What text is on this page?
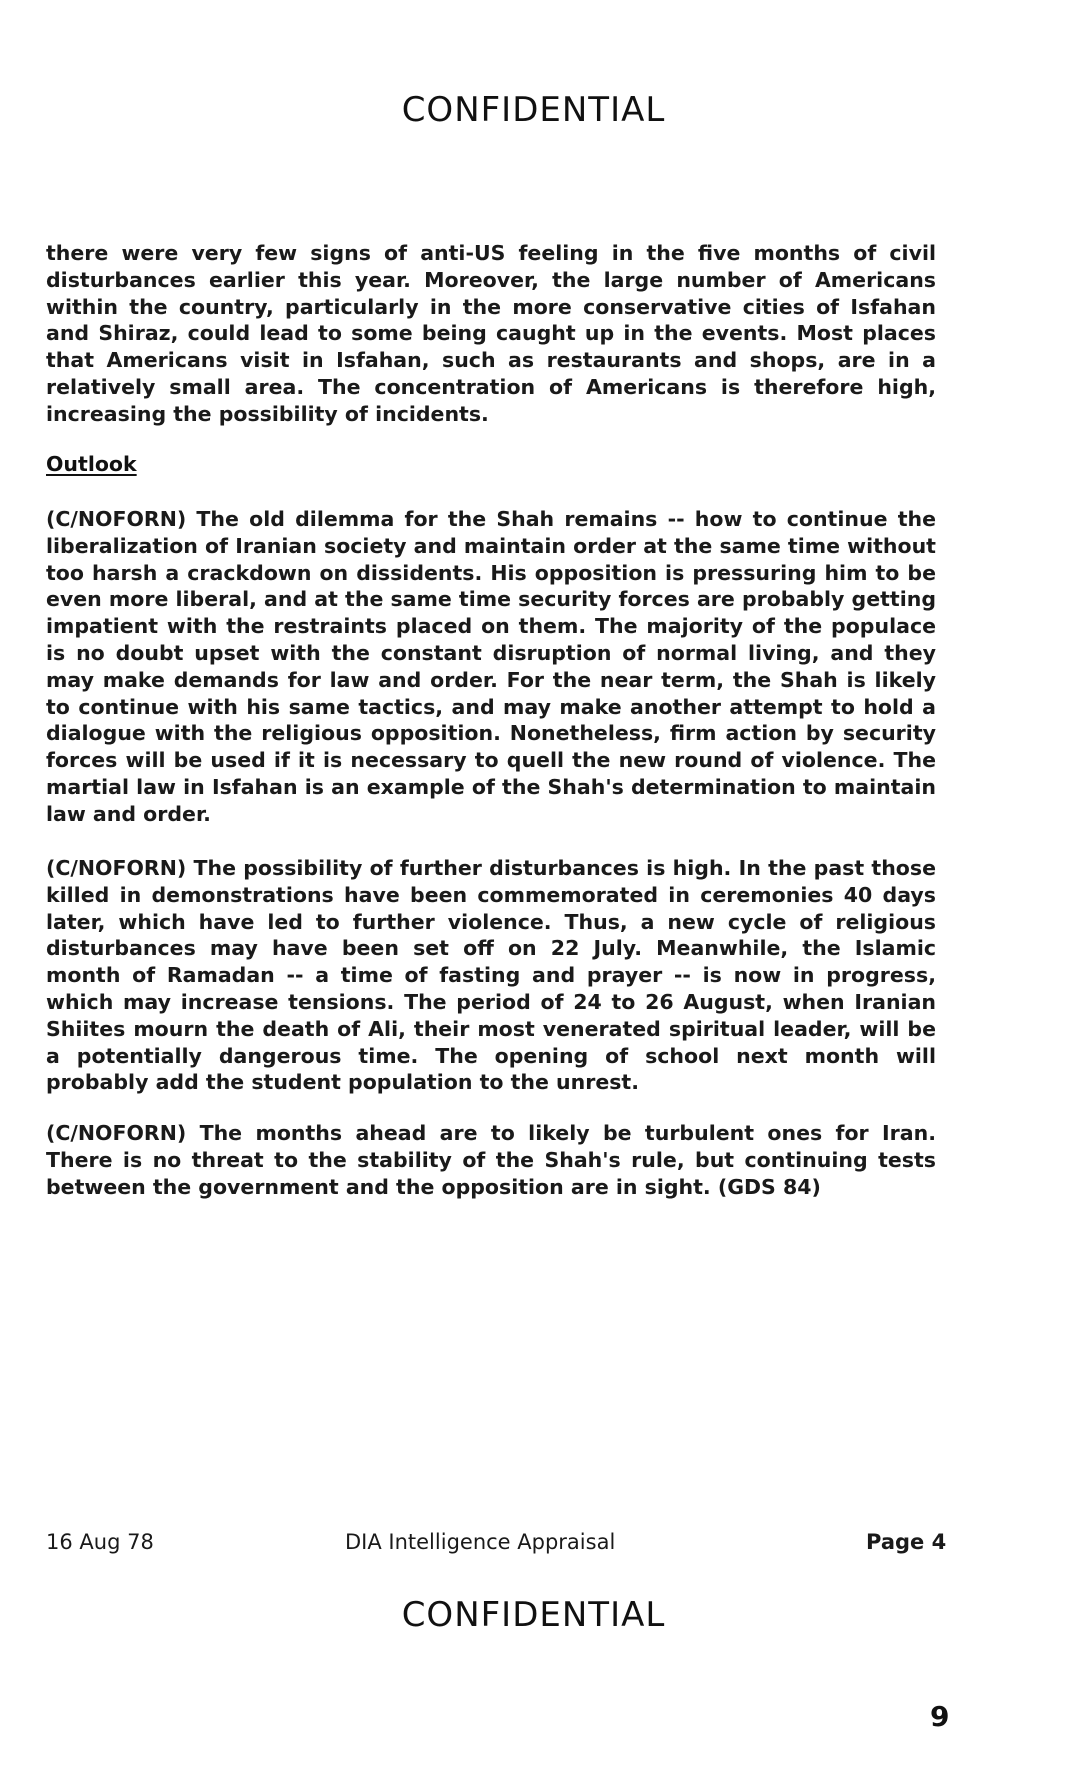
CONFIDENTIAL

there were very few signs of anti-US feeling in the five months of civil disturbances earlier this year. Moreover, the large number of Americans within the country, particularly in the more conservative cities of Isfahan and Shiraz, could lead to some being caught up in the events. Most places that Americans visit in Isfahan, such as restaurants and shops, are in a relatively small area. The concentration of Americans is therefore high, increasing the possibility of incidents.

Outlook

(C/NOFORN) The old dilemma for the Shah remains -- how to continue the liberalization of Iranian society and maintain order at the same time without too harsh a crackdown on dissidents. His opposition is pressuring him to be even more liberal, and at the same time security forces are probably getting impatient with the restraints placed on them. The majority of the populace is no doubt upset with the constant disruption of normal living, and they may make demands for law and order. For the near term, the Shah is likely to continue with his same tactics, and may make another attempt to hold a dialogue with the religious opposition. Nonetheless, firm action by security forces will be used if it is necessary to quell the new round of violence. The martial law in Isfahan is an example of the Shah's determination to maintain law and order.

(C/NOFORN) The possibility of further disturbances is high. In the past those killed in demonstrations have been commemorated in ceremonies 40 days later, which have led to further violence. Thus, a new cycle of religious disturbances may have been set off on 22 July. Meanwhile, the Islamic month of Ramadan -- a time of fasting and prayer -- is now in progress, which may increase tensions. The period of 24 to 26 August, when Iranian Shiites mourn the death of Ali, their most venerated spiritual leader, will be a potentially dangerous time. The opening of school next month will probably add the student population to the unrest.

(C/NOFORN) The months ahead are to likely be turbulent ones for Iran. There is no threat to the stability of the Shah's rule, but continuing tests between the government and the opposition are in sight. (GDS 84)

16 Aug 78	DIA Intelligence Appraisal	Page 4
CONFIDENTIAL
9
